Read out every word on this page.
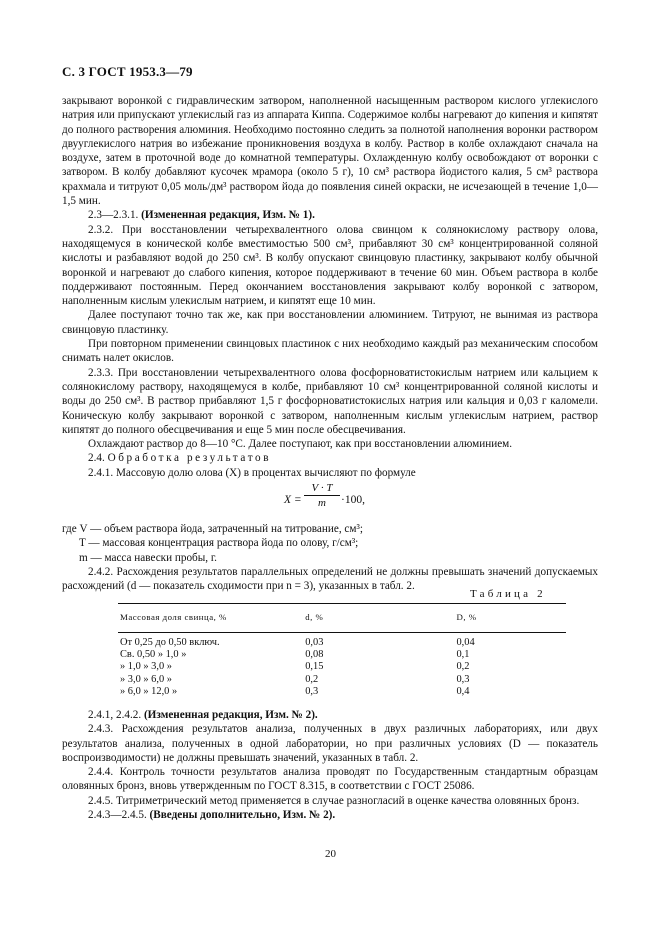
С. 3 ГОСТ 1953.3—79

закрывают воронкой с гидравлическим затвором, наполненной насыщенным раствором кислого углекислого натрия или припускают углекислый газ из аппарата Киппа. Содержимое колбы нагревают до кипения и кипятят до полного растворения алюминия. Необходимо постоянно следить за полнотой наполнения воронки раствором двууглекислого натрия во избежание проникновения воздуха в колбу. Раствор в колбе охлаждают сначала на воздухе, затем в проточной воде до комнатной температуры. Охлажденную колбу освобождают от воронки с затвором. В колбу добавляют кусочек мрамора (около 5 г), 10 см³ раствора йодистого калия, 5 см³ раствора крахмала и титруют 0,05 моль/дм³ раствором йода до появления синей окраски, не исчезающей в течение 1,0—1,5 мин.

2.3—2.3.1. (Измененная редакция, Изм. № 1).

2.3.2. При восстановлении четырехвалентного олова свинцом к солянокислому раствору олова, находящемуся в конической колбе вместимостью 500 см³, прибавляют 30 см³ концентрированной соляной кислоты и разбавляют водой до 250 см³. В колбу опускают свинцовую пластинку, закрывают колбу обычной воронкой и нагревают до слабого кипения, которое поддерживают в течение 60 мин. Объем раствора в колбе поддерживают постоянным. Перед окончанием восстановления закрывают колбу воронкой с затвором, наполненным кислым улекислым натрием, и кипятят еще 10 мин.

Далее поступают точно так же, как при восстановлении алюминием. Титруют, не вынимая из раствора свинцовую пластинку.

При повторном применении свинцовых пластинок с них необходимо каждый раз механическим способом снимать налет окислов.

2.3.3. При восстановлении четырехвалентного олова фосфорноватистокислым натрием или кальцием к солянокислому раствору, находящемуся в колбе, прибавляют 10 см³ концентрированной соляной кислоты и воды до 250 см³. В раствор прибавляют 1,5 г фосфорноватистокислых натрия или кальция и 0,03 г каломели. Коническую колбу закрывают воронкой с затвором, наполненным кислым углекислым натрием, раствор кипятят до полного обесцвечивания и еще 5 мин после обесцвечивания.

Охлаждают раствор до 8—10 °С. Далее поступают, как при восстановлении алюминием.

2.4. Обработка результатов

2.4.1. Массовую долю олова (X) в процентах вычисляют по формуле

$X = \frac{V \cdot T}{m} \cdot 100$,
где V — объем раствора йода, затраченный на титрование, см³;
T — массовая концентрация раствора йода по олову, г/см³;
m — масса навески пробы, г.

2.4.2. Расхождения результатов параллельных определений не должны превышать значений допускаемых расхождений (d — показатель сходимости при n = 3), указанных в табл. 2.

Таблица 2
Массовая доля свинца, %	d, %	D, %
От 0,25 до 0,50 включ.	0,03	0,04
Св. 0,50 » 1,0 »	0,08	0,1
» 1,0 » 3,0 »	0,15	0,2
» 3,0 » 6,0 »	0,2	0,3
» 6,0 » 12,0 »	0,3	0,4

2.4.1, 2.4.2. (Измененная редакция, Изм. № 2).

2.4.3. Расхождения результатов анализа, полученных в двух различных лабораториях, или двух результатов анализа, полученных в одной лаборатории, но при различных условиях (D — показатель воспроизводимости) не должны превышать значений, указанных в табл. 2.

2.4.4. Контроль точности результатов анализа проводят по Государственным стандартным образцам оловянных бронз, вновь утвержденным по ГОСТ 8.315, в соответствии с ГОСТ 25086.

2.4.5. Титриметрический метод применяется в случае разногласий в оценке качества оловянных бронз.

2.4.3—2.4.5. (Введены дополнительно, Изм. № 2).

20
